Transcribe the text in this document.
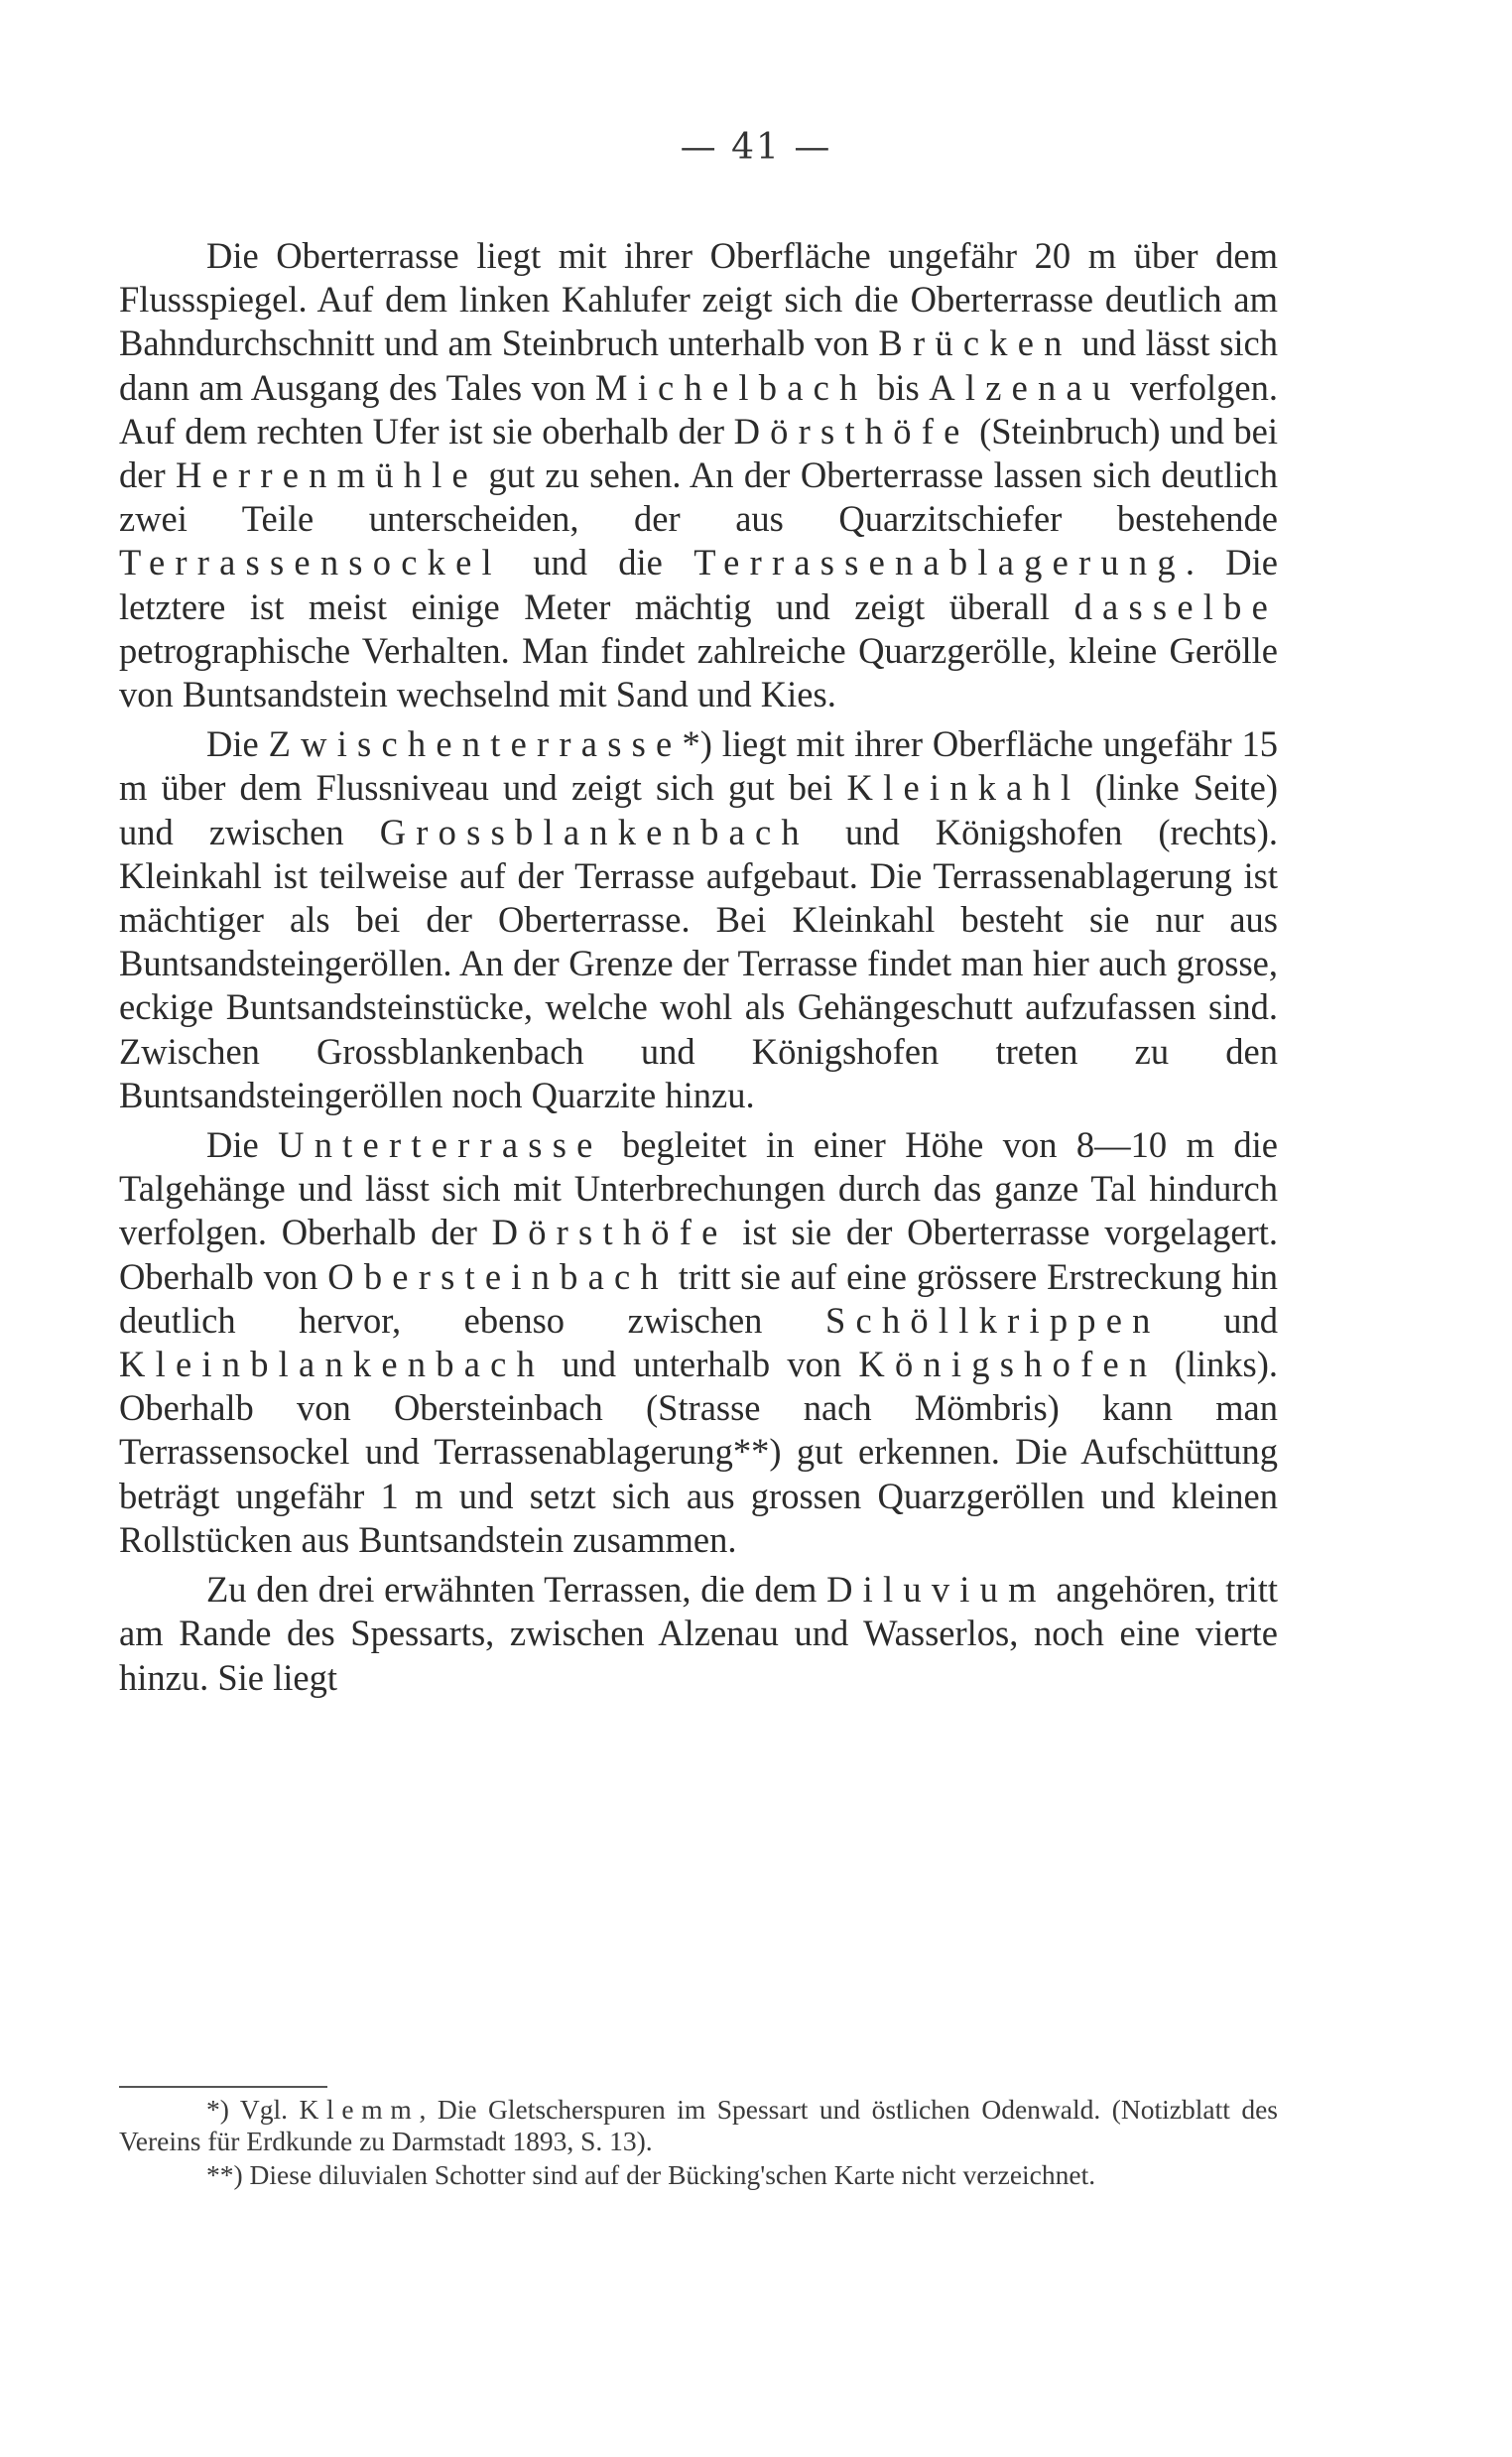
— 41 —

Die Oberterrasse liegt mit ihrer Oberfläche ungefähr 20 m über dem Flussspiegel. Auf dem linken Kahlufer zeigt sich die Oberterrasse deutlich am Bahndurchschnitt und am Steinbruch unterhalb von Brücken und lässt sich dann am Ausgang des Tales von Michelbach bis Alzenau verfolgen. Auf dem rechten Ufer ist sie oberhalb der Dörsthöfe (Steinbruch) und bei der Herrenmühle gut zu sehen. An der Oberterrasse lassen sich deutlich zwei Teile unterscheiden, der aus Quarzitschiefer bestehende Terrassensockel und die Terrassenablagerung. Die letztere ist meist einige Meter mächtig und zeigt überall dasselbe petrographische Verhalten. Man findet zahlreiche Quarzgerölle, kleine Gerölle von Buntsandstein wechselnd mit Sand und Kies.

Die Zwischenterrasse*) liegt mit ihrer Oberfläche ungefähr 15 m über dem Flussniveau und zeigt sich gut bei Kleinkahl (linke Seite) und zwischen Grossblankenbach und Königshofen (rechts). Kleinkahl ist teilweise auf der Terrasse aufgebaut. Die Terrassenablagerung ist mächtiger als bei der Oberterrasse. Bei Kleinkahl besteht sie nur aus Buntsandsteingeröllen. An der Grenze der Terrasse findet man hier auch grosse, eckige Buntsandsteinstücke, welche wohl als Gehängeschutt aufzufassen sind. Zwischen Grossblankenbach und Königshofen treten zu den Buntsandsteingeröllen noch Quarzite hinzu.

Die Unterterrasse begleitet in einer Höhe von 8—10 m die Talgehänge und lässt sich mit Unterbrechungen durch das ganze Tal hindurch verfolgen. Oberhalb der Dörsthöfe ist sie der Oberterrasse vorgelagert. Oberhalb von Obersteinbach tritt sie auf eine grössere Erstreckung hin deutlich hervor, ebenso zwischen Schöllkrippen und Kleinblankenbach und unterhalb von Königshofen (links). Oberhalb von Obersteinbach (Strasse nach Mömbris) kann man Terrassensockel und Terrassenablagerung**) gut erkennen. Die Aufschüttung beträgt ungefähr 1 m und setzt sich aus grossen Quarzgeröllen und kleinen Rollstücken aus Buntsandstein zusammen.

Zu den drei erwähnten Terrassen, die dem Diluvium angehören, tritt am Rande des Spessarts, zwischen Alzenau und Wasserlos, noch eine vierte hinzu. Sie liegt

*) Vgl. Klemm, Die Gletscherspuren im Spessart und östlichen Odenwald. (Notizblatt des Vereins für Erdkunde zu Darmstadt 1893, S. 13).

**) Diese diluvialen Schotter sind auf der Bücking'schen Karte nicht verzeichnet.
